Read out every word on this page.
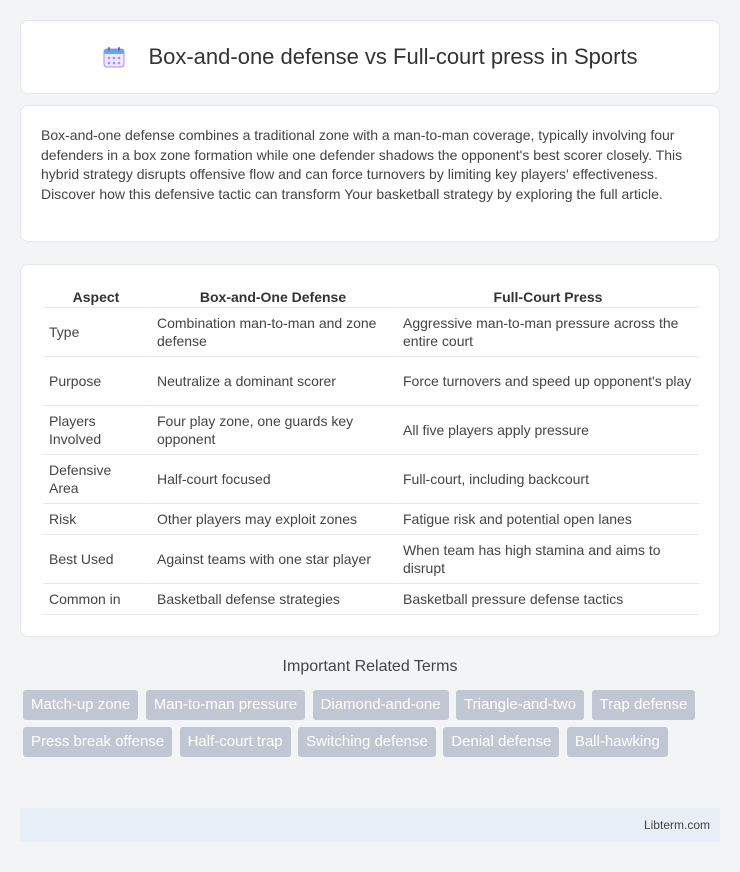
Box-and-one defense vs Full-court press in Sports

Box-and-one defense combines a traditional zone with a man-to-man coverage, typically involving four defenders in a box zone formation while one defender shadows the opponent's best scorer closely. This hybrid strategy disrupts offensive flow and can force turnovers by limiting key players' effectiveness. Discover how this defensive tactic can transform Your basketball strategy by exploring the full article.

Aspect	Box-and-One Defense	Full-Court Press
Type	Combination man-to-man and zone defense	Aggressive man-to-man pressure across the entire court
Purpose	Neutralize a dominant scorer	Force turnovers and speed up opponent's play
Players Involved	Four play zone, one guards key opponent	All five players apply pressure
Defensive Area	Half-court focused	Full-court, including backcourt
Risk	Other players may exploit zones	Fatigue risk and potential open lanes
Best Used	Against teams with one star player	When team has high stamina and aims to disrupt
Common in	Basketball defense strategies	Basketball pressure defense tactics
Important Related Terms
Match-up zone Man-to-man pressure Diamond-and-one Triangle-and-two Trap defense Press break offense Half-court trap Switching defense Denial defense Ball-hawking
Libterm.com
